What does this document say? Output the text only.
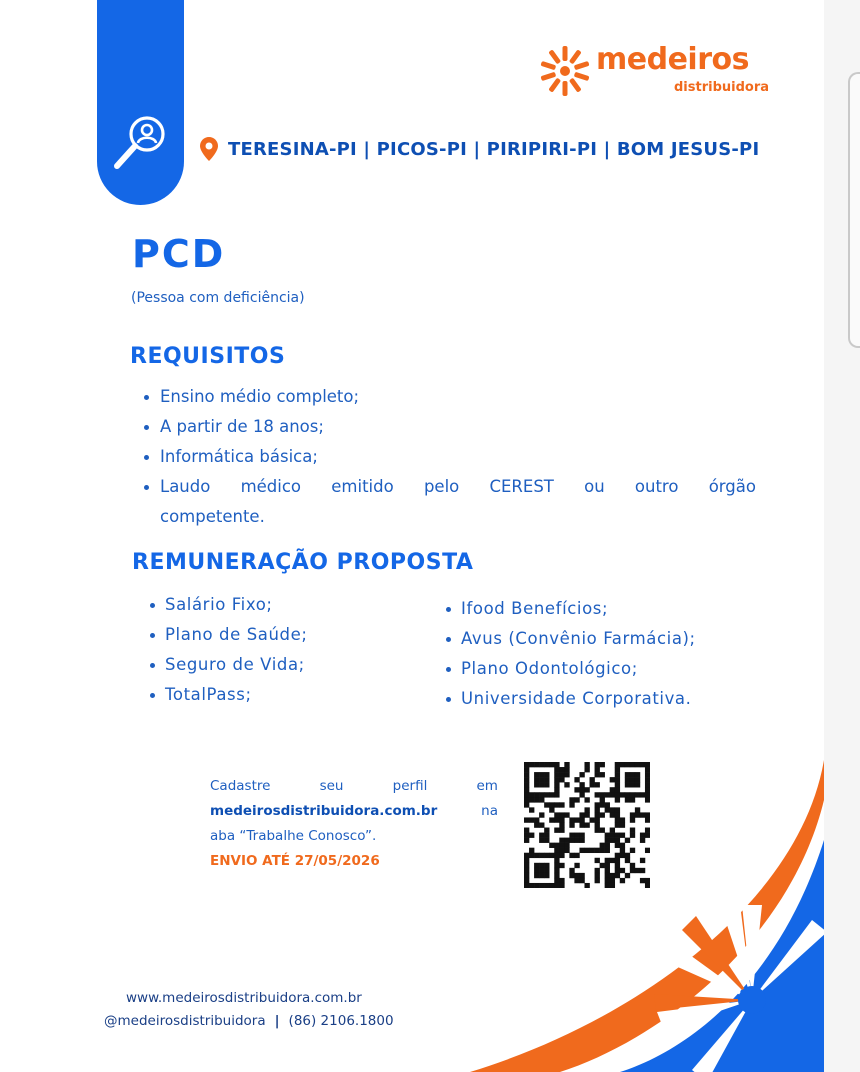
medeiros
distribuidora
TERESINA-PI | PICOS-PI | PIRIPIRI-PI | BOM JESUS-PI
PCD
(Pessoa com deficiência)
REQUISITOS
Ensino médio completo;
A partir de 18 anos;
Informática básica;
Laudo médico emitido pelo CEREST ou outro órgão
competente.
REMUNERAÇÃO PROPOSTA
Salário Fixo;
Plano de Saúde;
Seguro de Vida;
TotalPass;
Ifood Benefícios;
Avus (Convênio Farmácia);
Plano Odontológico;
Universidade Corporativa.
Cadastre	seu	perfil	em
medeirosdistribuidora.com.br	na
aba “Trabalhe Conosco”.
ENVIO ATÉ 27/05/2026
www.medeirosdistribuidora.com.br
@medeirosdistribuidora | (86) 2106.1800
